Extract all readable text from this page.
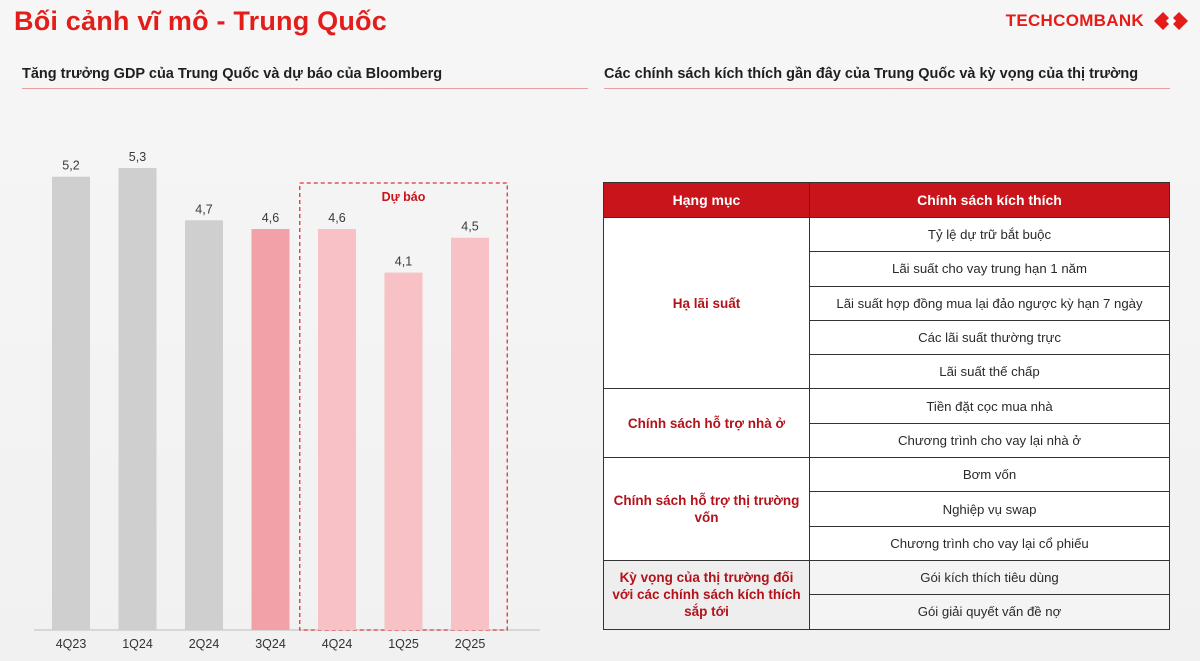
Bối cảnh vĩ mô - Trung Quốc	TECHCOMBANK
Tăng trưởng GDP của Trung Quốc và dự báo của Bloomberg	Các chính sách kích thích gần đây của Trung Quốc và kỳ vọng của thị trường
Dự báo
5,2
4Q23
5,3
1Q24
4,7
2Q24
4,6
3Q24
4,6
4Q24
4,1
1Q25
4,5
2Q25
Hạng mục	Chính sách kích thích
Hạ lãi suất	Tỷ lệ dự trữ bắt buộc
	Lãi suất cho vay trung hạn 1 năm
	Lãi suất hợp đồng mua lại đảo ngược kỳ hạn 7 ngày
	Các lãi suất thường trực
	Lãi suất thế chấp
Chính sách hỗ trợ nhà ở	Tiền đặt cọc mua nhà
	Chương trình cho vay lại nhà ở
Chính sách hỗ trợ thị trường vốn	Bơm vốn
	Nghiệp vụ swap
	Chương trình cho vay lại cổ phiếu
Kỳ vọng của thị trường đối với các chính sách kích thích sắp tới	Gói kích thích tiêu dùng
	Gói giải quyết vấn đề nợ
